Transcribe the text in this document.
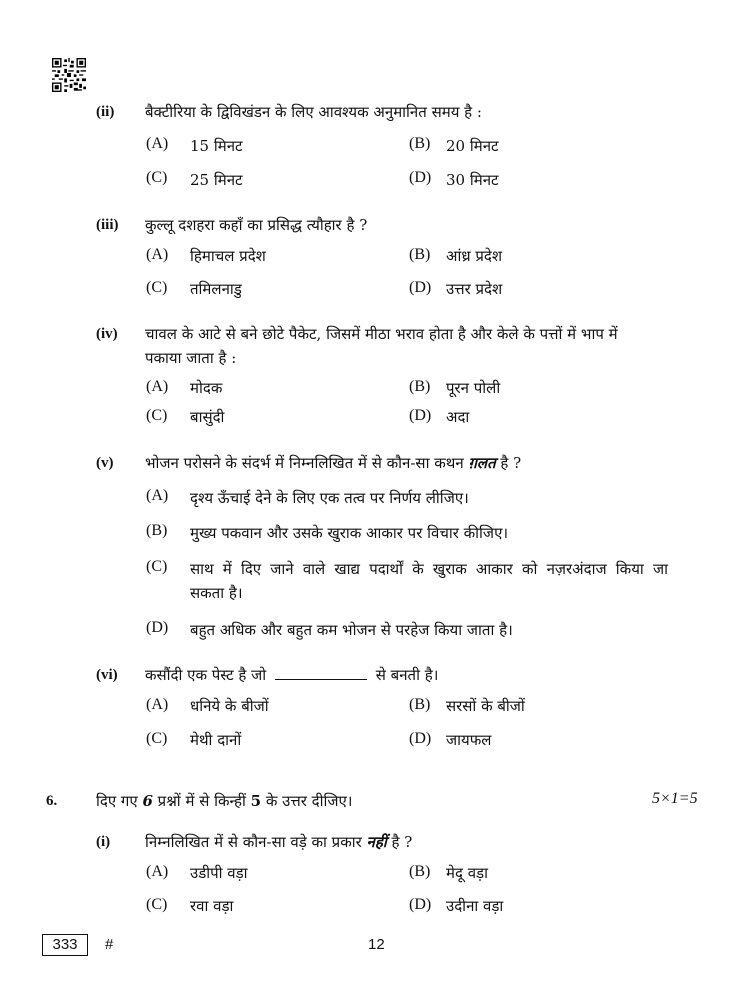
(ii) बैक्टीरिया के द्विविखंडन के लिए आवश्यक अनुमानित समय है :
(A) 15 मिनट	(B) 20 मिनट
(C) 25 मिनट	(D) 30 मिनट
(iii) कुल्लू दशहरा कहाँ का प्रसिद्ध त्यौहार है ?
(A) हिमाचल प्रदेश	(B) आंध्र प्रदेश
(C) तमिलनाडु	(D) उत्तर प्रदेश
(iv) चावल के आटे से बने छोटे पैकेट, जिसमें मीठा भराव होता है और केले के पत्तों में भाप में
पकाया जाता है :
(A) मोदक	(B) पूरन पोली
(C) बासुंदी	(D) अदा
(v) भोजन परोसने के संदर्भ में निम्नलिखित में से कौन-सा कथन ग़लत है ?
(A) दृश्य ऊँचाई देने के लिए एक तत्व पर निर्णय लीजिए।
(B) मुख्य पकवान और उसके खुराक आकार पर विचार कीजिए।
(C) साथ में दिए जाने वाले खाद्य पदार्थों के खुराक आकार को नज़रअंदाज किया जा
सकता है।
(D) बहुत अधिक और बहुत कम भोजन से परहेज किया जाता है।
(vi) कसौंदी एक पेस्ट है जो	से बनती है।
(A) धनिये के बीजों	(B) सरसों के बीजों
(C) मेथी दानों	(D) जायफल
6.	दिए गए 6 प्रश्नों में से किन्हीं 5 के उत्तर दीजिए।	5×1=5
(i) निम्नलिखित में से कौन-सा वड़े का प्रकार नहीं है ?
(A) उडीपी वड़ा	(B) मेदू वड़ा
(C) रवा वड़ा	(D) उदीना वड़ा
333	#	12
